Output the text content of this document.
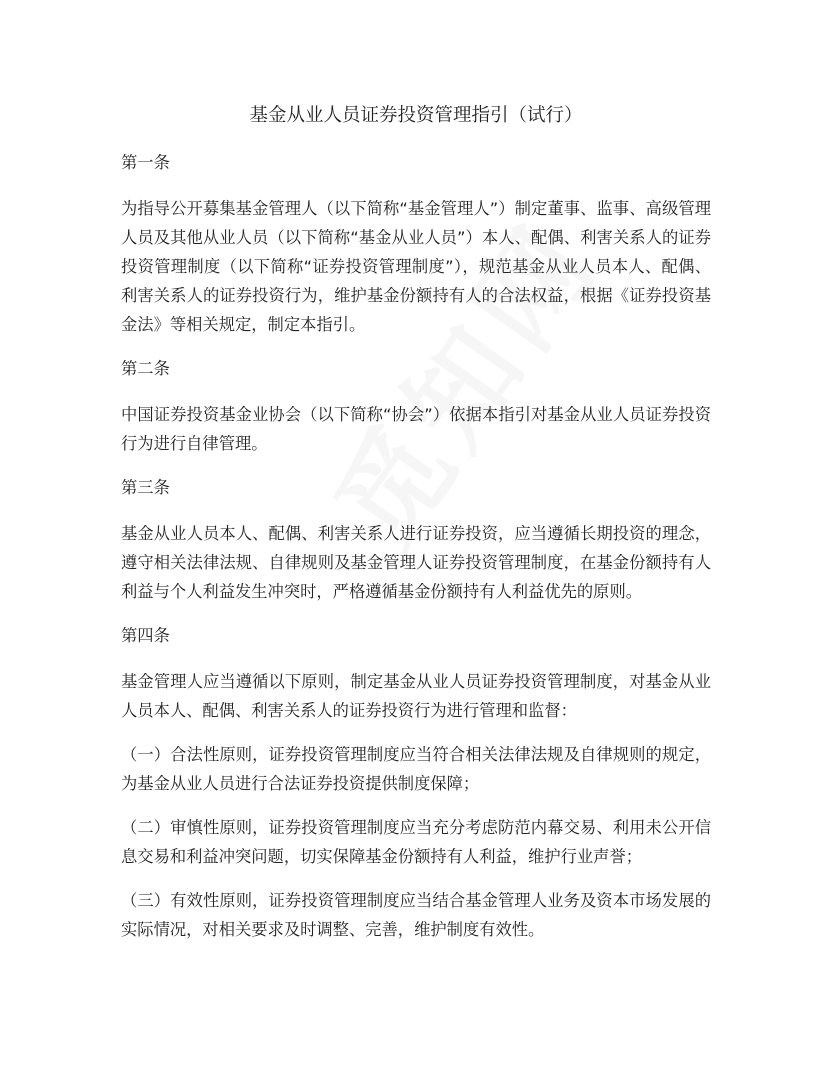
基金从业人员证券投资管理指引（试行）
第一条
为指导公开募集基金管理人（以下简称“基金管理人”）制定董事、监事、高级管理人员及其他从业人员（以下简称“基金从业人员”）本人、配偶、利害关系人的证券投资管理制度（以下简称“证券投资管理制度”），规范基金从业人员本人、配偶、利害关系人的证券投资行为，维护基金份额持有人的合法权益，根据《证券投资基金法》等相关规定，制定本指引。
第二条
中国证券投资基金业协会（以下简称“协会”）依据本指引对基金从业人员证券投资行为进行自律管理。
第三条
基金从业人员本人、配偶、利害关系人进行证券投资，应当遵循长期投资的理念，遵守相关法律法规、自律规则及基金管理人证券投资管理制度，在基金份额持有人利益与个人利益发生冲突时，严格遵循基金份额持有人利益优先的原则。
第四条
基金管理人应当遵循以下原则，制定基金从业人员证券投资管理制度，对基金从业人员本人、配偶、利害关系人的证券投资行为进行管理和监督：
（一）合法性原则，证券投资管理制度应当符合相关法律法规及自律规则的规定，为基金从业人员进行合法证券投资提供制度保障；
（二）审慎性原则，证券投资管理制度应当充分考虑防范内幕交易、利用未公开信息交易和利益冲突问题，切实保障基金份额持有人利益，维护行业声誉；
（三）有效性原则，证券投资管理制度应当结合基金管理人业务及资本市场发展的实际情况，对相关要求及时调整、完善，维护制度有效性。
